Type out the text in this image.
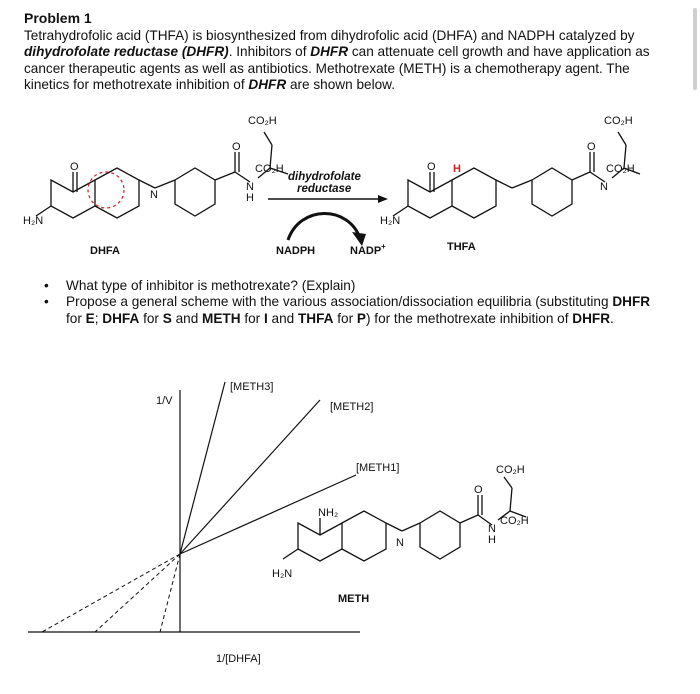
Problem 1
Tetrahydrofolic acid (THFA) is biosynthesized from dihydrofolic acid (DHFA) and NADPH catalyzed by dihydrofolate reductase (DHFR). Inhibitors of DHFR can attenuate cell growth and have application as cancer therapeutic agents as well as antibiotics. Methotrexate (METH) is a chemotherapy agent. The kinetics for methotrexate inhibition of DHFR are shown below.
CO₂H
CO₂H
H₂N
O
O
N
H
N
CO₂H
CO₂H
H₂N
O
O
N
H
DHFA	THFA
NADPH	NADP+
dihydrofolate
reductase
• What type of inhibitor is methotrexate? (Explain)
• Propose a general scheme with the various association/dissociation equilibria (substituting DHFR for E; DHFA for S and METH for I and THFA for P) for the methotrexate inhibition of DHFR.
1/V
1/[DHFA]
[METH3]
[METH2]
[METH1]
NH₂
H₂N
CO₂H
CO₂H
O
N
H
N
METH
